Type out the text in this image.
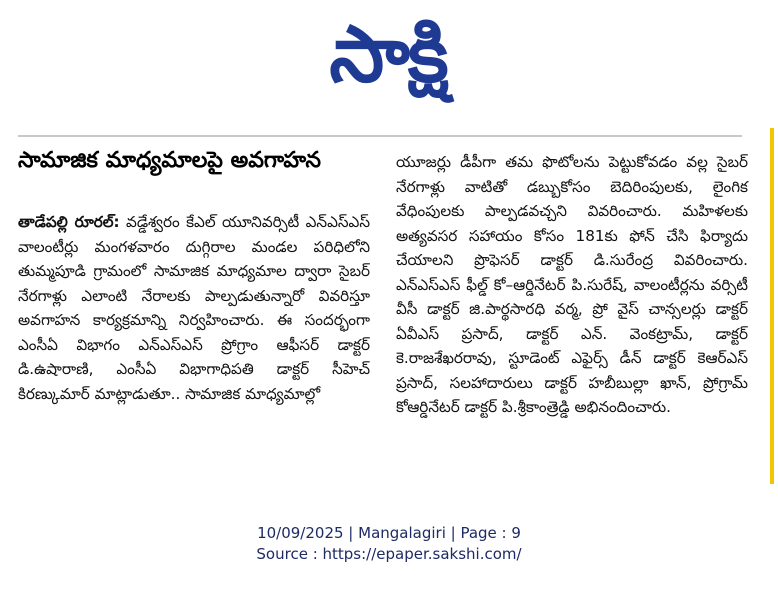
సాక్షి
సామాజిక మాధ్యమాలపై అవగాహన
తాడేపల్లి రూరల్: వడ్డేశ్వరం కేఎల్ యూనివర్సిటీ ఎన్ఎస్ఎస్ వాలంటీర్లు మంగళవారం దుగ్గిరాల మండల పరిధిలోని తుమ్మపూడి గ్రామంలో సామాజిక మాధ్యమాల ద్వారా సైబర్ నేరగాళ్లు ఎలాంటి నేరాలకు పాల్పడుతున్నారో వివరిస్తూ అవగాహన కార్యక్రమాన్ని నిర్వహించారు. ఈ సందర్భంగా ఎంసీఏ విభాగం ఎన్ఎస్ఎస్ ప్రోగ్రాం ఆఫీసర్ డాక్టర్ డి.ఉషారాణి, ఎంసీఏ విభాగాధిపతి డాక్టర్ సీహెచ్ కిరణ్కుమార్ మాట్లాడుతూ.. సామాజిక మాధ్యమాల్లో
యూజర్లు డీపీగా తమ ఫొటోలను పెట్టుకోవడం వల్ల సైబర్ నేరగాళ్లు వాటితో డబ్బుకోసం బెదిరింపులకు, లైంగిక వేధింపులకు పాల్పడవచ్చని వివరించారు. మహిళలకు అత్యవసర సహాయం కోసం 181కు ఫోన్ చేసి ఫిర్యాదు చేయాలని ప్రొఫెసర్ డాక్టర్ డి.సురేంద్ర వివరించారు. ఎన్ఎస్ఎస్ ఫీల్డ్ కో–ఆర్డినేటర్ పి.సురేష్, వాలంటీర్లను వర్సిటీ వీసీ డాక్టర్ జి.పార్థసారధి వర్మ, ప్రో వైస్ చాన్సలర్లు డాక్టర్ ఏవీఎస్ ప్రసాద్, డాక్టర్ ఎన్. వెంకట్రామ్, డాక్టర్ కె.రాజశేఖరరావు, స్టూడెంట్ ఎఫైర్స్ డీన్ డాక్టర్ కెఆర్ఎస్ ప్రసాద్, సలహాదారులు డాక్టర్ హబీబుల్లా ఖాన్, ప్రోగ్రామ్ కోఆర్డినేటర్ డాక్టర్ పి.శ్రీకాంత్రెడ్డి అభినందించారు.
10/09/2025 | Mangalagiri | Page : 9
Source : https://epaper.sakshi.com/
